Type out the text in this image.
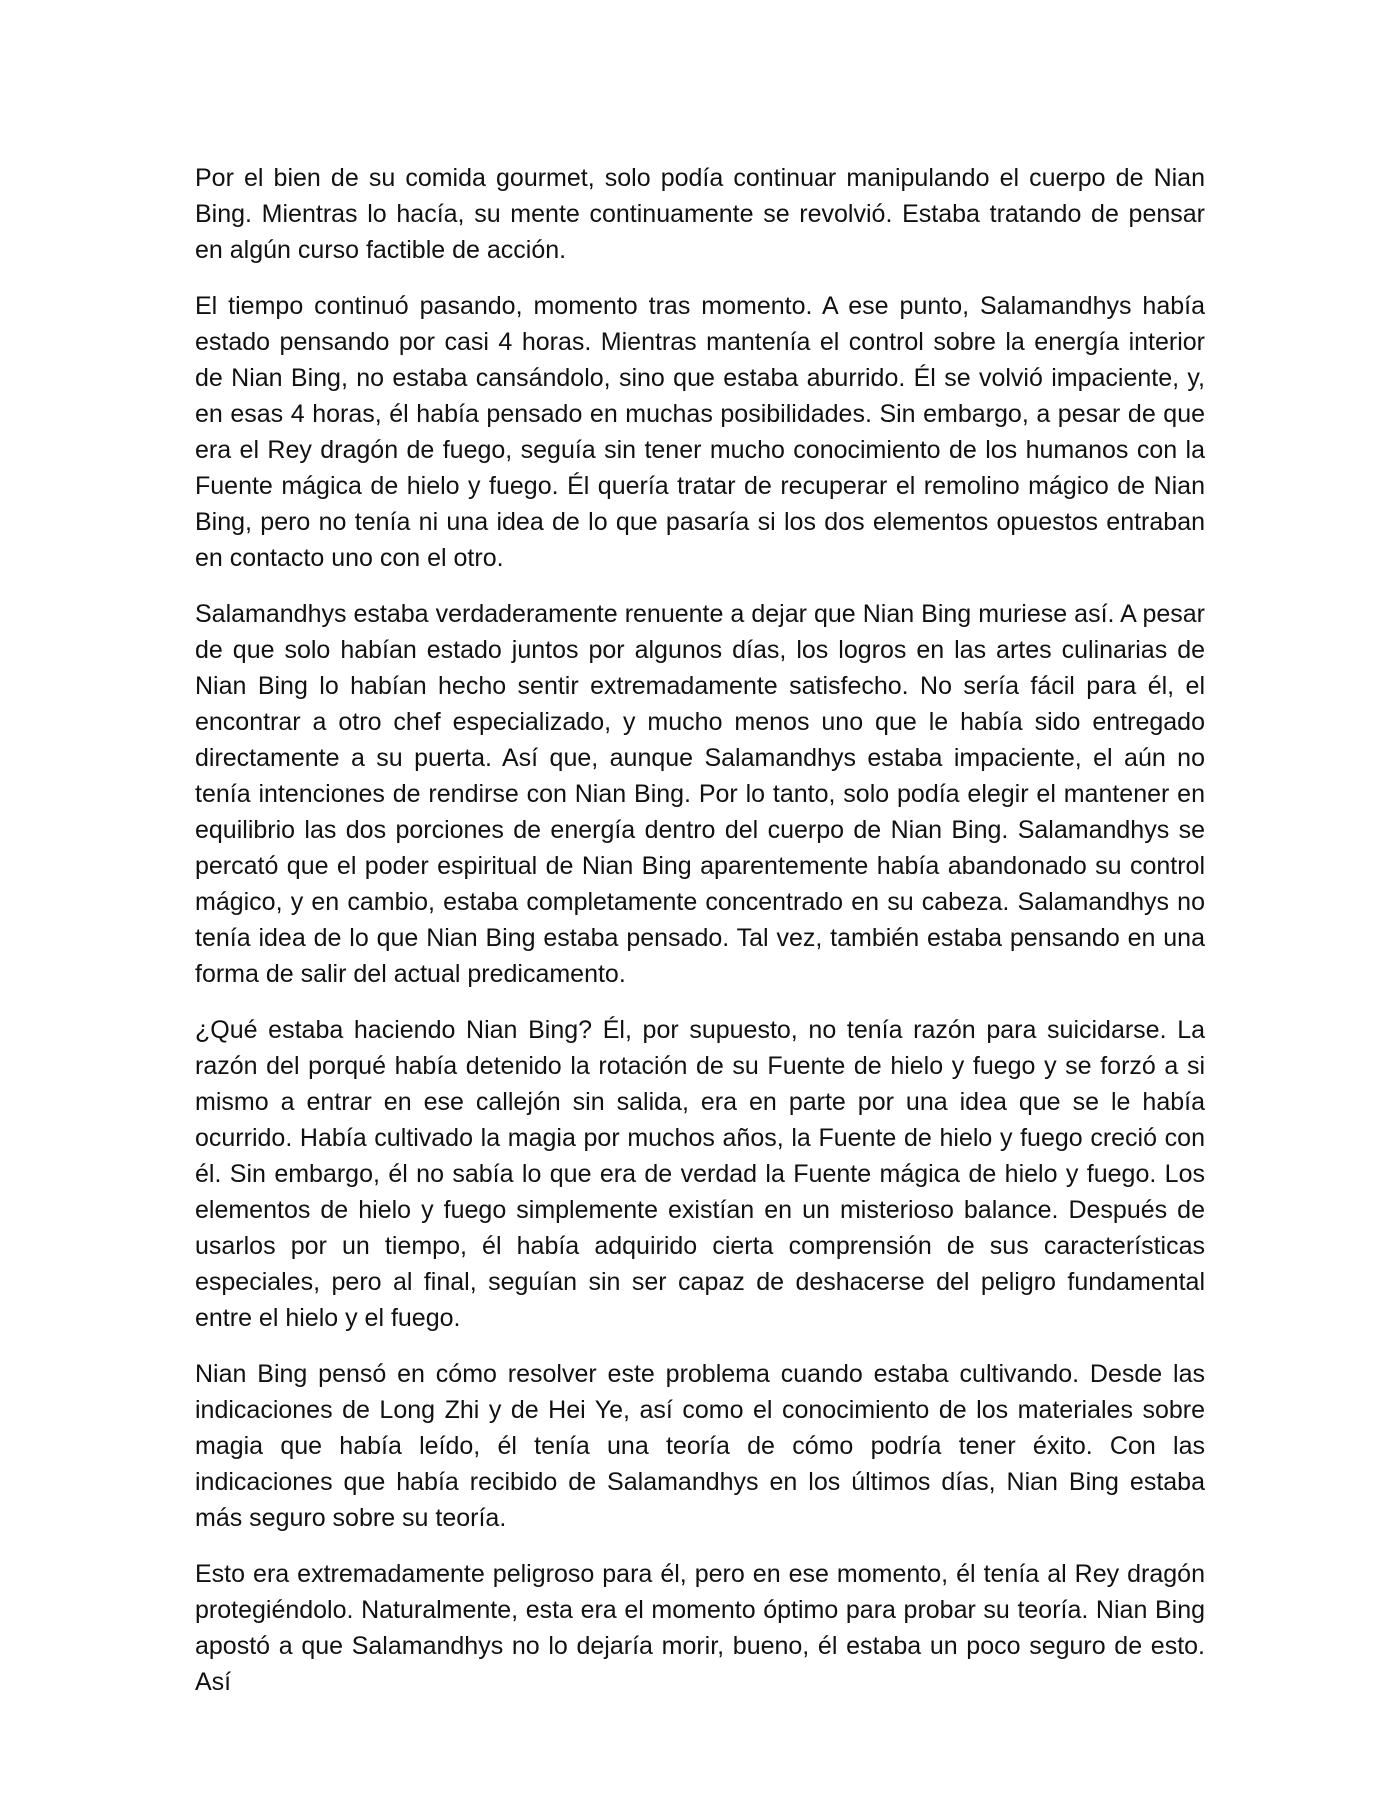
Por el bien de su comida gourmet, solo podía continuar manipulando el cuerpo de Nian Bing. Mientras lo hacía, su mente continuamente se revolvió. Estaba tratando de pensar en algún curso factible de acción.

El tiempo continuó pasando, momento tras momento. A ese punto, Salamandhys había estado pensando por casi 4 horas. Mientras mantenía el control sobre la energía interior de Nian Bing, no estaba cansándolo, sino que estaba aburrido. Él se volvió impaciente, y, en esas 4 horas, él había pensado en muchas posibilidades. Sin embargo, a pesar de que era el Rey dragón de fuego, seguía sin tener mucho conocimiento de los humanos con la Fuente mágica de hielo y fuego. Él quería tratar de recuperar el remolino mágico de Nian Bing, pero no tenía ni una idea de lo que pasaría si los dos elementos opuestos entraban en contacto uno con el otro.

Salamandhys estaba verdaderamente renuente a dejar que Nian Bing muriese así. A pesar de que solo habían estado juntos por algunos días, los logros en las artes culinarias de Nian Bing lo habían hecho sentir extremadamente satisfecho. No sería fácil para él, el encontrar a otro chef especializado, y mucho menos uno que le había sido entregado directamente a su puerta. Así que, aunque Salamandhys estaba impaciente, el aún no tenía intenciones de rendirse con Nian Bing. Por lo tanto, solo podía elegir el mantener en equilibrio las dos porciones de energía dentro del cuerpo de Nian Bing. Salamandhys se percató que el poder espiritual de Nian Bing aparentemente había abandonado su control mágico, y en cambio, estaba completamente concentrado en su cabeza. Salamandhys no tenía idea de lo que Nian Bing estaba pensado. Tal vez, también estaba pensando en una forma de salir del actual predicamento.

¿Qué estaba haciendo Nian Bing? Él, por supuesto, no tenía razón para suicidarse. La razón del porqué había detenido la rotación de su Fuente de hielo y fuego y se forzó a si mismo a entrar en ese callejón sin salida, era en parte por una idea que se le había ocurrido. Había cultivado la magia por muchos años, la Fuente de hielo y fuego creció con él. Sin embargo, él no sabía lo que era de verdad la Fuente mágica de hielo y fuego. Los elementos de hielo y fuego simplemente existían en un misterioso balance. Después de usarlos por un tiempo, él había adquirido cierta comprensión de sus características especiales, pero al final, seguían sin ser capaz de deshacerse del peligro fundamental entre el hielo y el fuego.

Nian Bing pensó en cómo resolver este problema cuando estaba cultivando. Desde las indicaciones de Long Zhi y de Hei Ye, así como el conocimiento de los materiales sobre magia que había leído, él tenía una teoría de cómo podría tener éxito. Con las indicaciones que había recibido de Salamandhys en los últimos días, Nian Bing estaba más seguro sobre su teoría.

Esto era extremadamente peligroso para él, pero en ese momento, él tenía al Rey dragón protegiéndolo. Naturalmente, esta era el momento óptimo para probar su teoría. Nian Bing apostó a que Salamandhys no lo dejaría morir, bueno, él estaba un poco seguro de esto. Así
